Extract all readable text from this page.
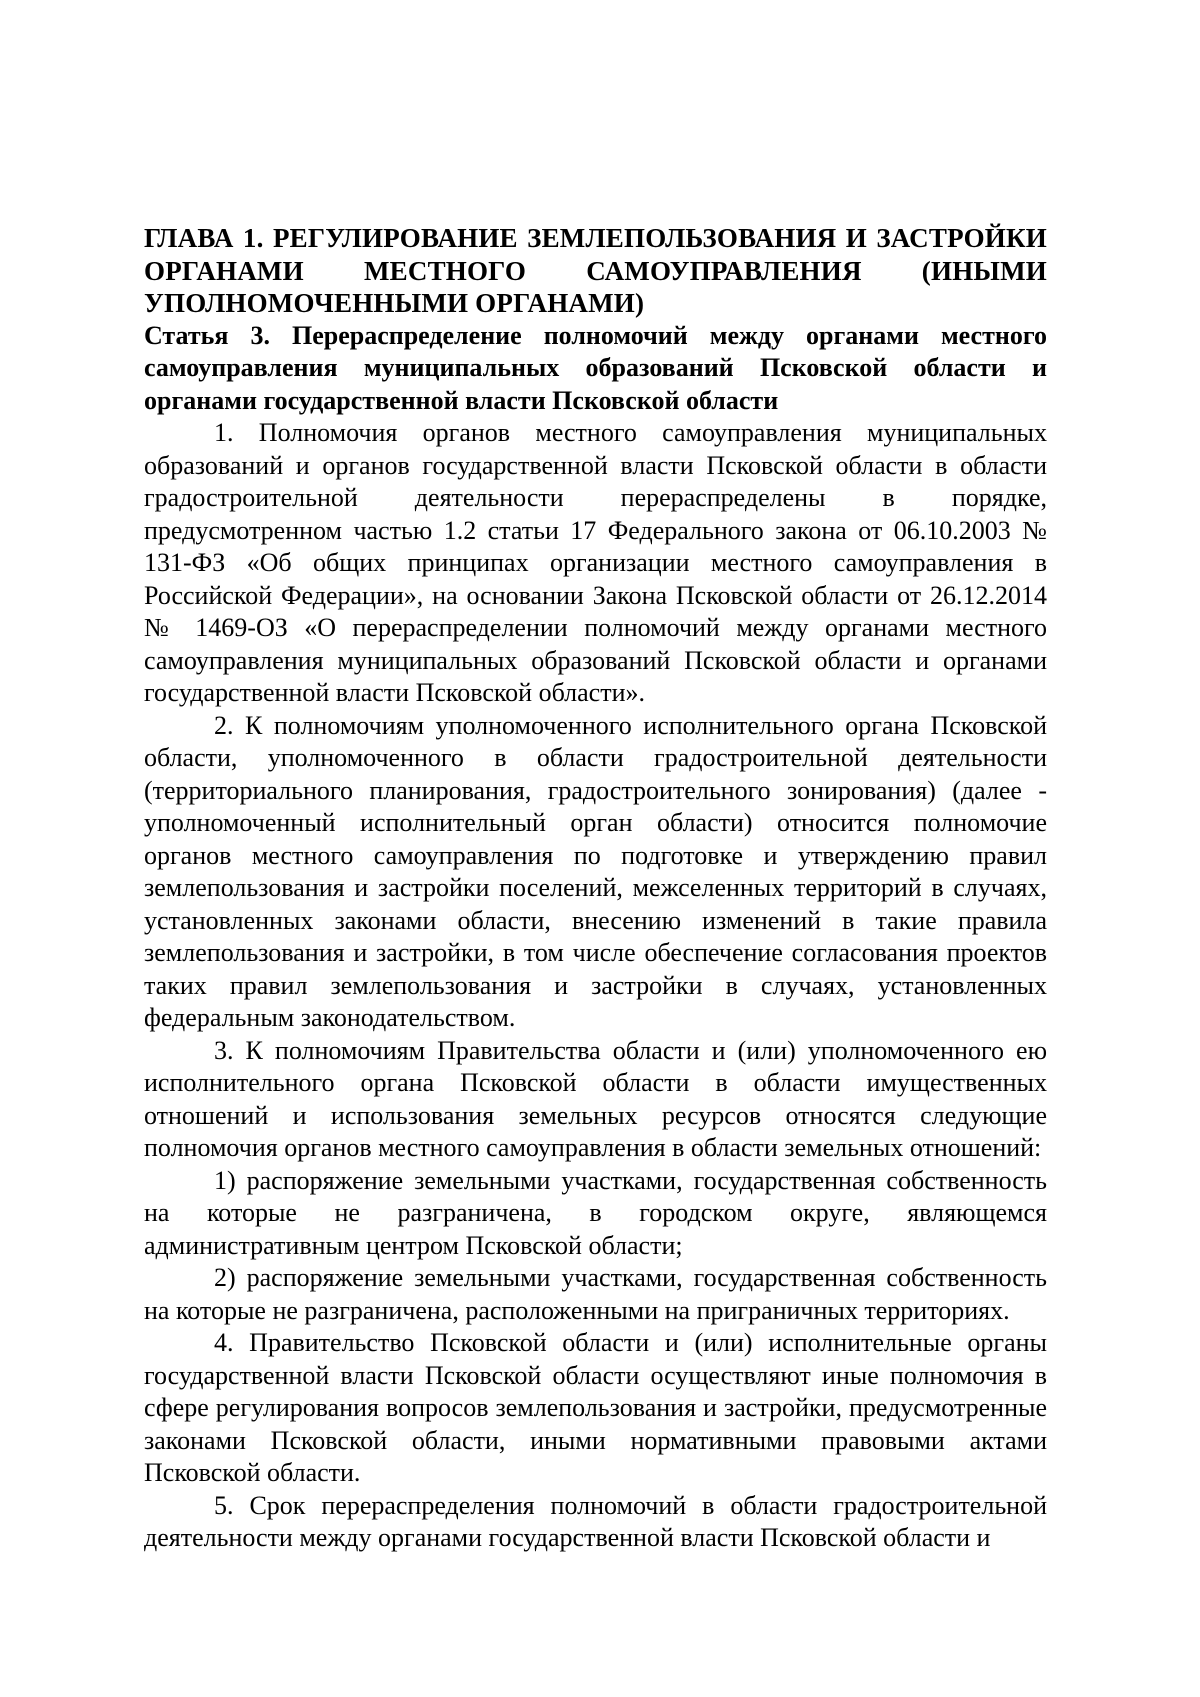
ГЛАВА 1. РЕГУЛИРОВАНИЕ ЗЕМЛЕПОЛЬЗОВАНИЯ И ЗАСТРОЙКИ ОРГАНАМИ МЕСТНОГО САМОУПРАВЛЕНИЯ (ИНЫМИ УПОЛНОМОЧЕННЫМИ ОРГАНАМИ)

Статья 3. Перераспределение полномочий между органами местного самоуправления муниципальных образований Псковской области и органами государственной власти Псковской области

1. Полномочия органов местного самоуправления муниципальных образований и органов государственной власти Псковской области в области градостроительной деятельности перераспределены в порядке, предусмотренном частью 1.2 статьи 17 Федерального закона от 06.10.2003 № 131-ФЗ «Об общих принципах организации местного самоуправления в Российской Федерации», на основании Закона Псковской области от 26.12.2014 № 1469-ОЗ «О перераспределении полномочий между органами местного самоуправления муниципальных образований Псковской области и органами государственной власти Псковской области».

2. К полномочиям уполномоченного исполнительного органа Псковской области, уполномоченного в области градостроительной деятельности (территориального планирования, градостроительного зонирования) (далее - уполномоченный исполнительный орган области) относится полномочие органов местного самоуправления по подготовке и утверждению правил землепользования и застройки поселений, межселенных территорий в случаях, установленных законами области, внесению изменений в такие правила землепользования и застройки, в том числе обеспечение согласования проектов таких правил землепользования и застройки в случаях, установленных федеральным законодательством.

3. К полномочиям Правительства области и (или) уполномоченного ею исполнительного органа Псковской области в области имущественных отношений и использования земельных ресурсов относятся следующие полномочия органов местного самоуправления в области земельных отношений:

1) распоряжение земельными участками, государственная собственность на которые не разграничена, в городском округе, являющемся административным центром Псковской области;

2) распоряжение земельными участками, государственная собственность на которые не разграничена, расположенными на приграничных территориях.

4. Правительство Псковской области и (или) исполнительные органы государственной власти Псковской области осуществляют иные полномочия в сфере регулирования вопросов землепользования и застройки, предусмотренные законами Псковской области, иными нормативными правовыми актами Псковской области.

5. Срок перераспределения полномочий в области градостроительной деятельности между органами государственной власти Псковской области и
